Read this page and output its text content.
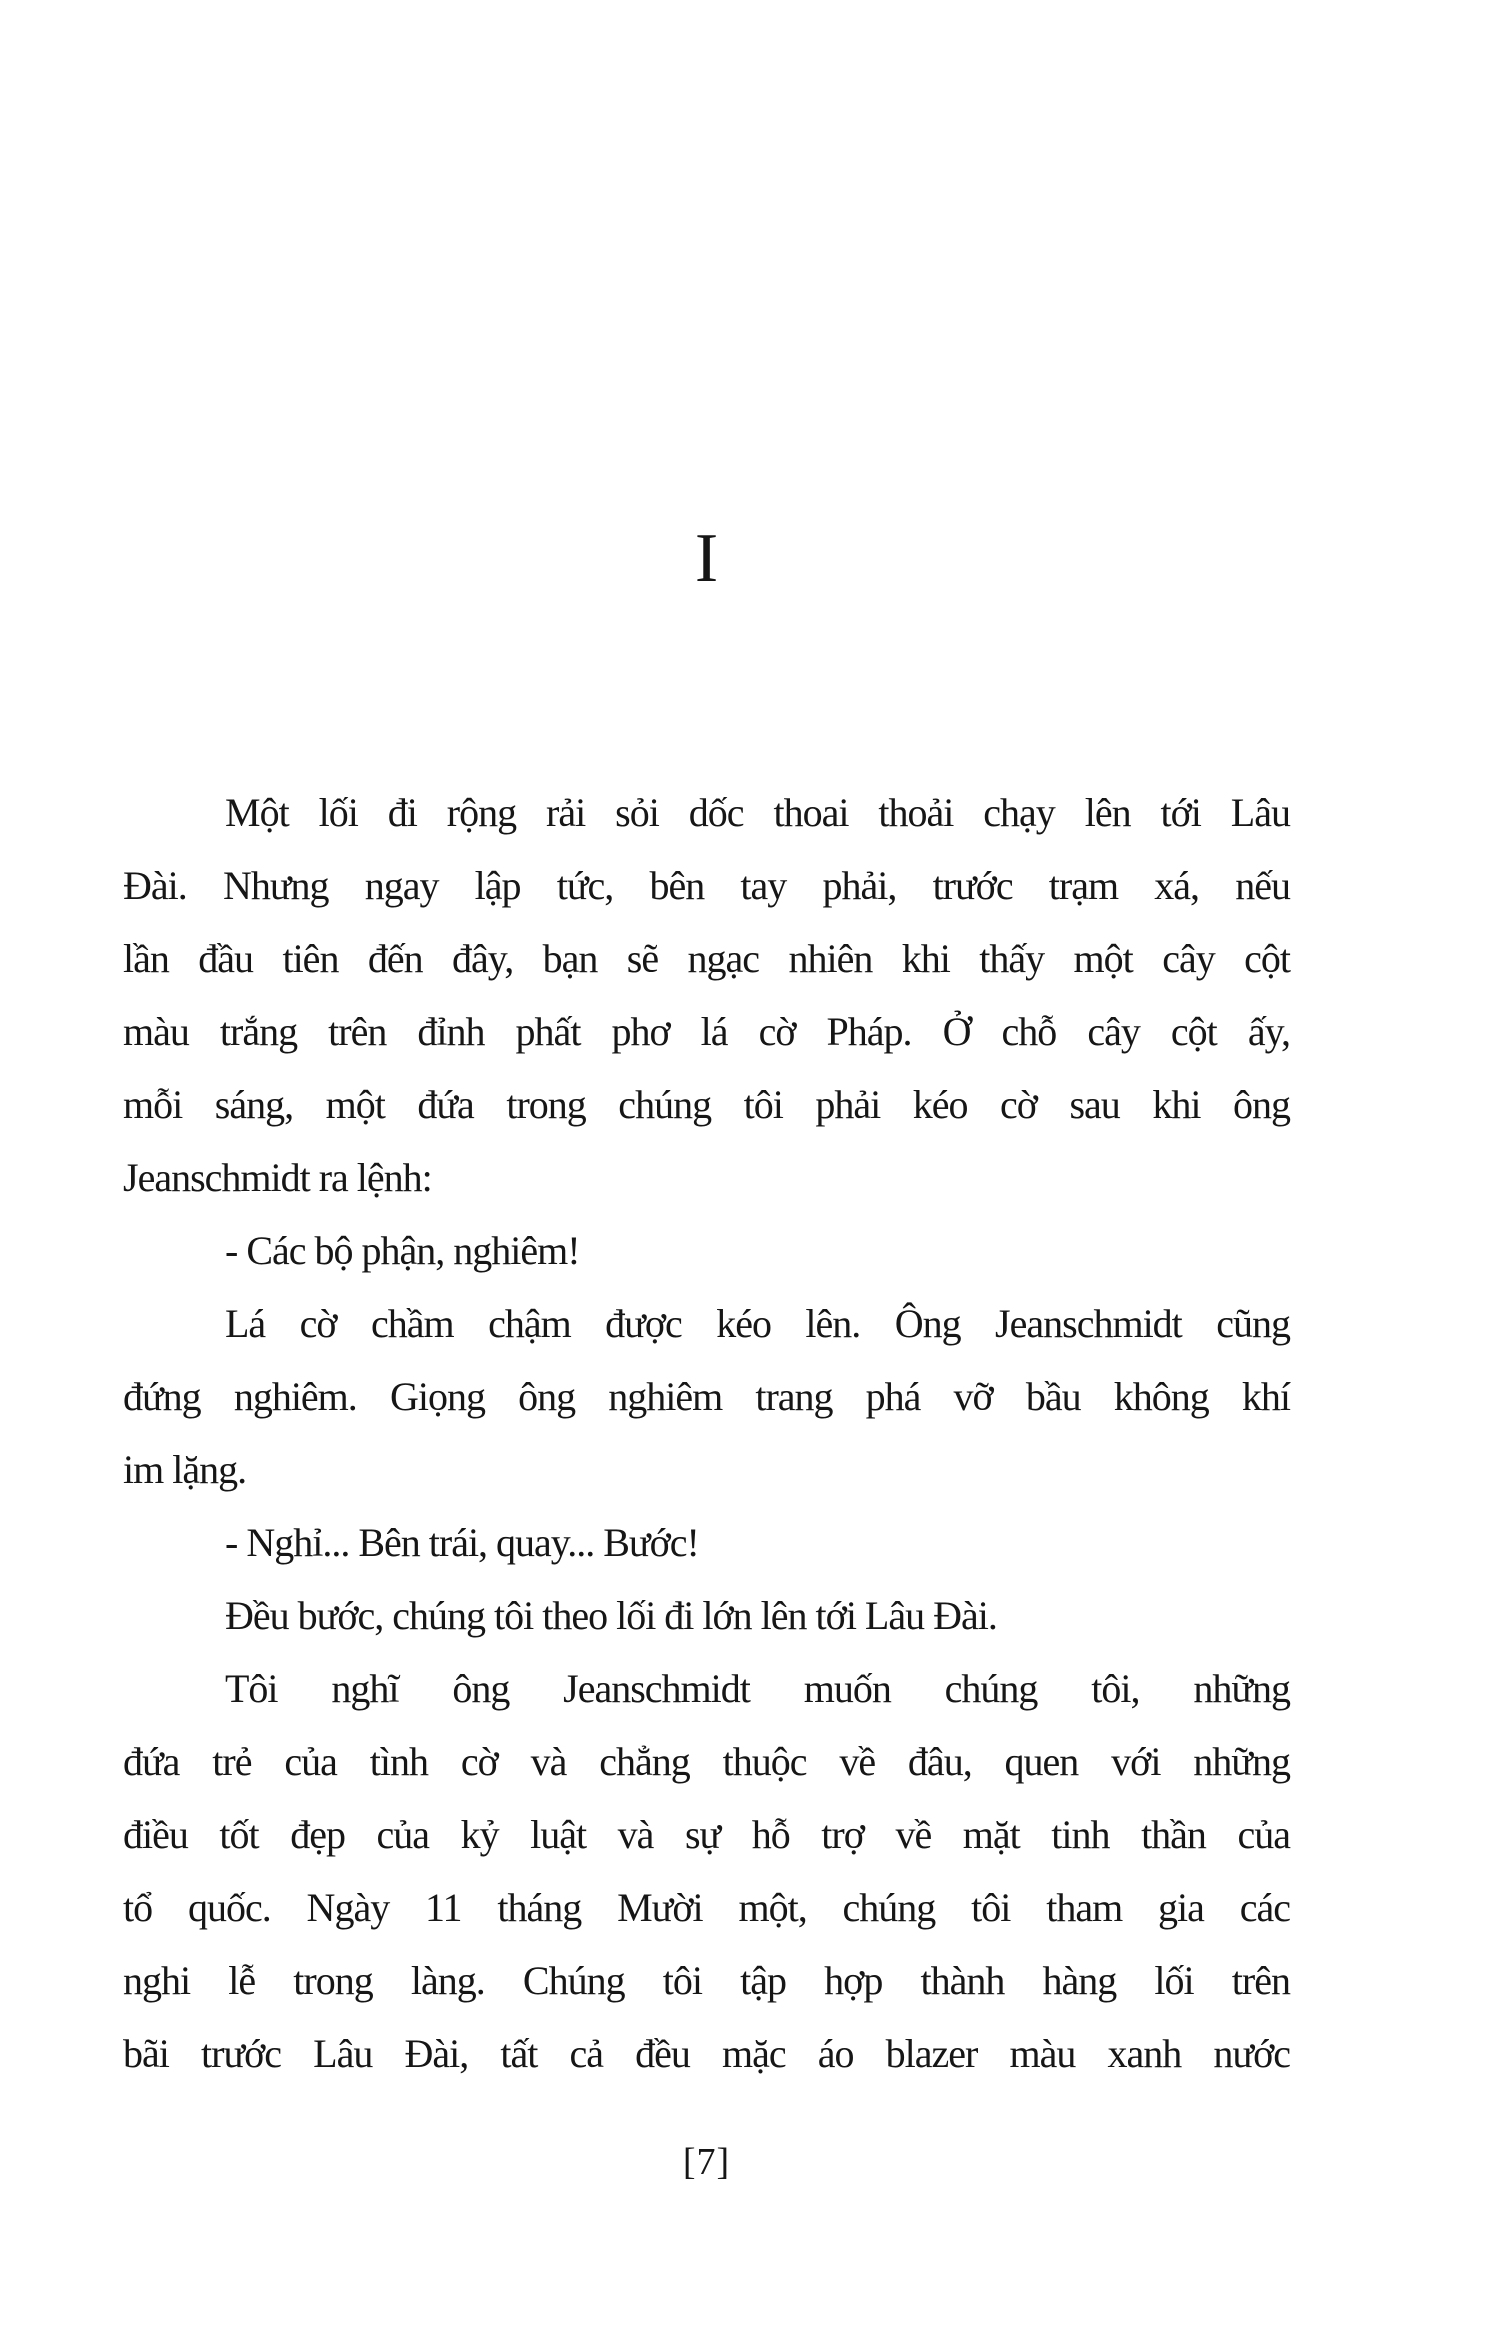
I
Một lối đi rộng rải sỏi dốc thoai thoải chạy lên tới Lâu
Đài. Nhưng ngay lập tức, bên tay phải, trước trạm xá, nếu
lần đầu tiên đến đây, bạn sẽ ngạc nhiên khi thấy một cây cột
màu trắng trên đỉnh phất phơ lá cờ Pháp. Ở chỗ cây cột ấy,
mỗi sáng, một đứa trong chúng tôi phải kéo cờ sau khi ông
Jeanschmidt ra lệnh:
- Các bộ phận, nghiêm!
Lá cờ chầm chậm được kéo lên. Ông Jeanschmidt cũng
đứng nghiêm. Giọng ông nghiêm trang phá vỡ bầu không khí
im lặng.
- Nghỉ... Bên trái, quay... Bước!
Đều bước, chúng tôi theo lối đi lớn lên tới Lâu Đài.
Tôi nghĩ ông Jeanschmidt muốn chúng tôi, những
đứa trẻ của tình cờ và chẳng thuộc về đâu, quen với những
điều tốt đẹp của kỷ luật và sự hỗ trợ về mặt tinh thần của
tổ quốc. Ngày 11 tháng Mười một, chúng tôi tham gia các
nghi lễ trong làng. Chúng tôi tập hợp thành hàng lối trên
bãi trước Lâu Đài, tất cả đều mặc áo blazer màu xanh nước
[7]
